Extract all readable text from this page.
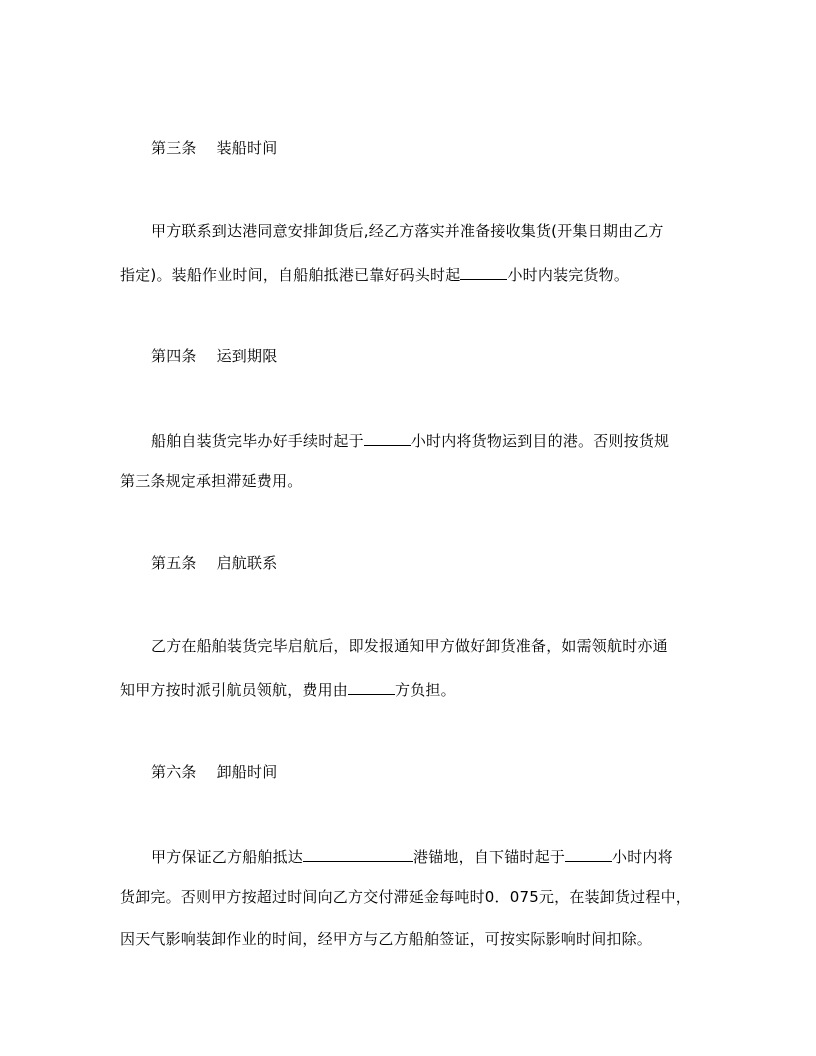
第三条 装船时间
甲方联系到达港同意安排卸货后,经乙方落实并准备接收集货(开集日期由乙方
指定)。装船作业时间，自船舶抵港已靠好码头时起	小时内装完货物。
第四条 运到期限
船舶自装货完毕办好手续时起于	小时内将货物运到目的港。否则按货规
第三条规定承担滞延费用。
第五条 启航联系
乙方在船舶装货完毕启航后，即发报通知甲方做好卸货准备，如需领航时亦通
知甲方按时派引航员领航，费用由	方负担。
第六条 卸船时间
甲方保证乙方船舶抵达	港锚地，自下锚时起于	小时内将
货卸完。否则甲方按超过时间向乙方交付滞延金每吨时0．075元，在装卸货过程中，
因天气影响装卸作业的时间，经甲方与乙方船舶签证，可按实际影响时间扣除。
